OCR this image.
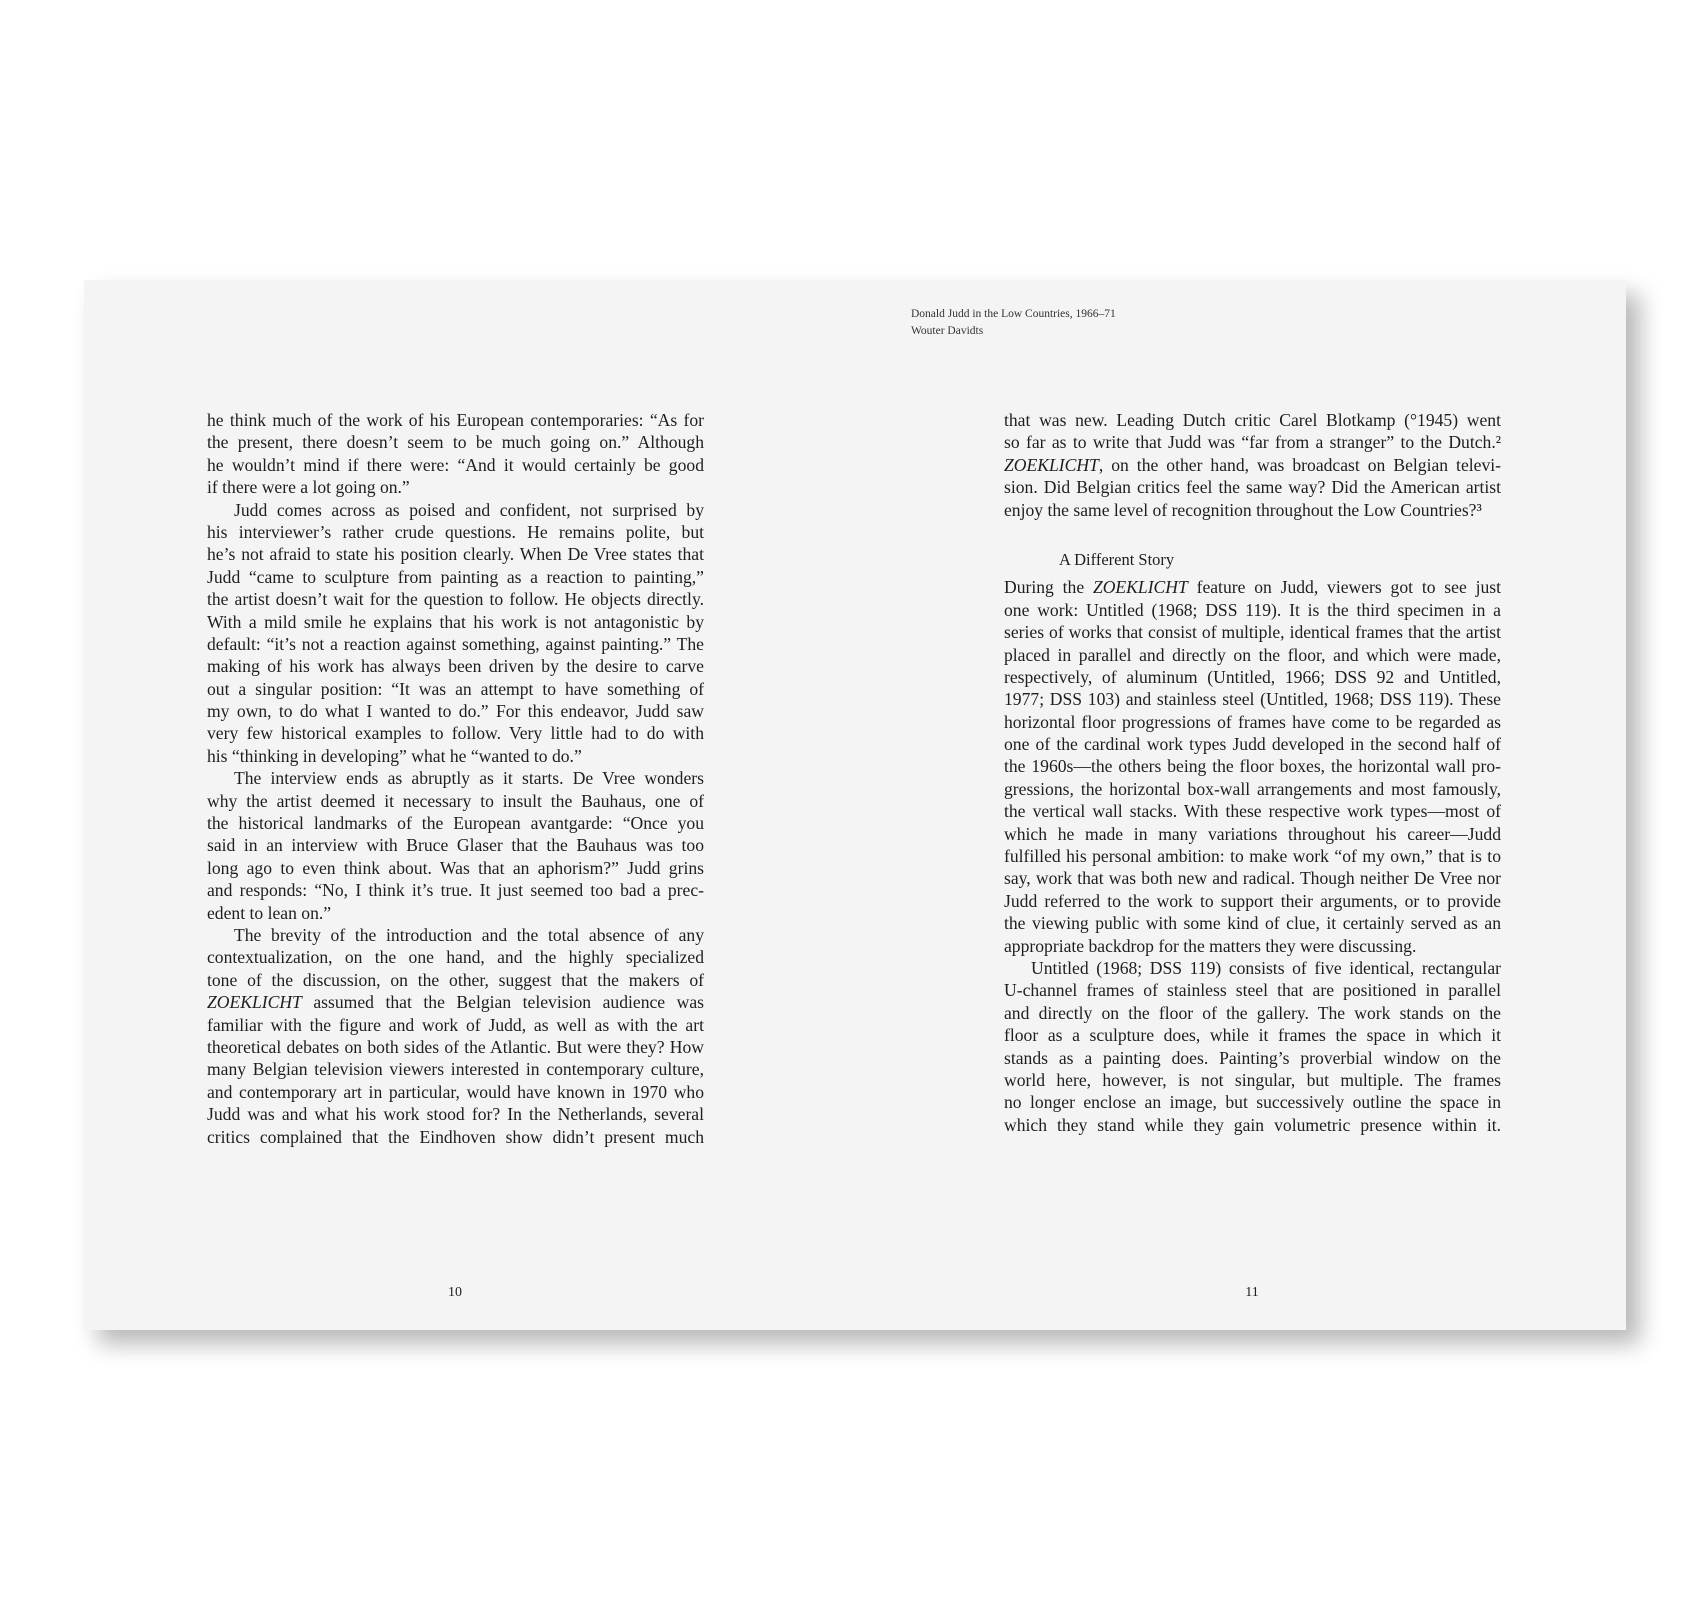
Donald Judd in the Low Countries, 1966–71
Wouter Davidts
he think much of the work of his European contemporaries: “As for
the present, there doesn’t seem to be much going on.” Although
he wouldn’t mind if there were: “And it would certainly be good
if there were a lot going on.”
Judd comes across as poised and confident, not surprised by
his interviewer’s rather crude questions. He remains polite, but
he’s not afraid to state his position clearly. When De Vree states that
Judd “came to sculpture from painting as a reaction to painting,”
the artist doesn’t wait for the question to follow. He objects directly.
With a mild smile he explains that his work is not antagonistic by
default: “it’s not a reaction against something, against painting.” The
making of his work has always been driven by the desire to carve
out a singular position: “It was an attempt to have something of
my own, to do what I wanted to do.” For this endeavor, Judd saw
very few historical examples to follow. Very little had to do with
his “thinking in developing” what he “wanted to do.”
The interview ends as abruptly as it starts. De Vree wonders
why the artist deemed it necessary to insult the Bauhaus, one of
the historical landmarks of the European avantgarde: “Once you
said in an interview with Bruce Glaser that the Bauhaus was too
long ago to even think about. Was that an aphorism?” Judd grins
and responds: “No, I think it’s true. It just seemed too bad a prec-
edent to lean on.”
The brevity of the introduction and the total absence of any
contextualization, on the one hand, and the highly specialized
tone of the discussion, on the other, suggest that the makers of
ZOEKLICHT assumed that the Belgian television audience was
familiar with the figure and work of Judd, as well as with the art
theoretical debates on both sides of the Atlantic. But were they? How
many Belgian television viewers interested in contemporary culture,
and contemporary art in particular, would have known in 1970 who
Judd was and what his work stood for? In the Netherlands, several
critics complained that the Eindhoven show didn’t present much
that was new. Leading Dutch critic Carel Blotkamp (°1945) went
so far as to write that Judd was “far from a stranger” to the Dutch.²
ZOEKLICHT, on the other hand, was broadcast on Belgian televi-
sion. Did Belgian critics feel the same way? Did the American artist
enjoy the same level of recognition throughout the Low Countries?³
A Different Story
During the ZOEKLICHT feature on Judd, viewers got to see just
one work: Untitled (1968; DSS 119). It is the third specimen in a
series of works that consist of multiple, identical frames that the artist
placed in parallel and directly on the floor, and which were made,
respectively, of aluminum (Untitled, 1966; DSS 92 and Untitled,
1977; DSS 103) and stainless steel (Untitled, 1968; DSS 119). These
horizontal floor progressions of frames have come to be regarded as
one of the cardinal work types Judd developed in the second half of
the 1960s—the others being the floor boxes, the horizontal wall pro-
gressions, the horizontal box-wall arrangements and most famously,
the vertical wall stacks. With these respective work types—most of
which he made in many variations throughout his career—Judd
fulfilled his personal ambition: to make work “of my own,” that is to
say, work that was both new and radical. Though neither De Vree nor
Judd referred to the work to support their arguments, or to provide
the viewing public with some kind of clue, it certainly served as an
appropriate backdrop for the matters they were discussing.
Untitled (1968; DSS 119) consists of five identical, rectangular
U-channel frames of stainless steel that are positioned in parallel
and directly on the floor of the gallery. The work stands on the
floor as a sculpture does, while it frames the space in which it
stands as a painting does. Painting’s proverbial window on the
world here, however, is not singular, but multiple. The frames
no longer enclose an image, but successively outline the space in
which they stand while they gain volumetric presence within it.
10	11
